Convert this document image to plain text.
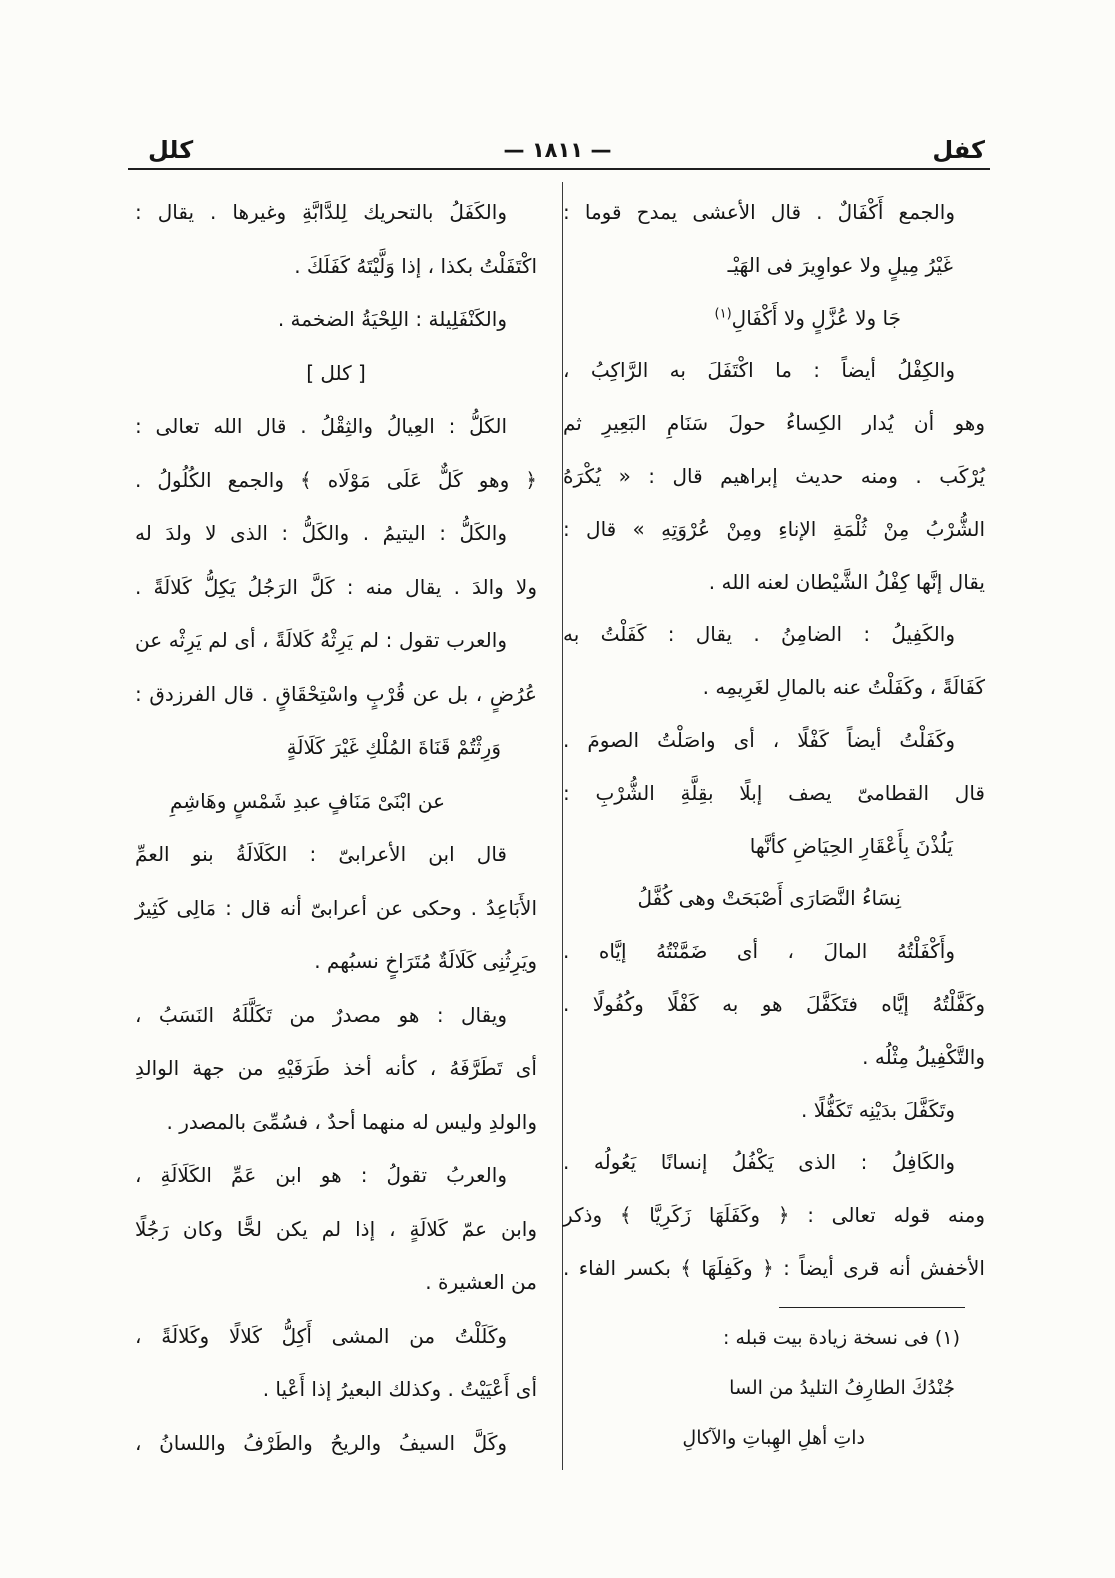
— ١٨١١ —	كفل
كلل
والجمع أَكْفَالٌ . قال الأعشى يمدح قوما :
غَيْرُ مِيلٍ ولا عواوِيرَ فى الهَيْـ
جَا ولا عُزَّلٍ ولا أَكْفَالِ$^{(١)}$
والكِفْلُ أيضاً : ما اكْتَفَلَ به الرَّاكِبُ ،
وهو أن يُدار الكِساءُ حولَ سَنَامِ البَعِيرِ ثم
يُرْكَب . ومنه حديث إبراهيم قال : « يُكْرَهُ
الشُّرْبُ مِنْ ثُلْمَةِ الإناءِ ومِنْ عُرْوَتِهِ » قال :
يقال إنَّها كِفْلُ الشَّيْطان لعنه الله .
والكَفِيلُ : الضامِنُ . يقال : كَفَلْتُ به
كَفَالَةً ، وكَفَلْتُ عنه بالمالِ لغَرِيمِه .
وكَفَلْتُ أيضاً كَفْلًا ، أى واصَلْتُ الصومَ .
قال القطامىّ يصف إبلًا بقِلَّةِ الشُّرْبِ :
يَلُذْنَ بِأَعْقَارِ الحِيَاضِ كأنَّها
نِسَاءُ النَّصَارَى أَصْبَحَتْ وهى كُفَّلُ
وأَكْفَلْتُهُ المالَ ، أى ضَمَّنْتُهُ إيَّاه .
وكَفَّلْتُهُ إيَّاه فتَكَفَّلَ هو به كَفْلًا وكُفُولًا .
والتَّكْفِيلُ مِثْلُه .
وتَكَفَّلَ بدَيْنِه تَكَفُّلًا .
والكَافِلُ : الذى يَكْفُلُ إنسانًا يَعُولُه .
ومنه قوله تعالى : ﴿ وكَفَلَهَا زَكَرِيَّا ﴾ وذكر
الأخفش أنه قرى أيضاً : ﴿ وكَفِلَهَا ﴾ بكسر الفاء .
(١) فى نسخة زيادة بيت قبله :
جُنْدُكَ الطارِفُ التليدُ من السا
داتِ أهلِ الهِباتِ والآكالِ
والكَفَلُ بالتحريك لِلدَّابَّةِ وغيرها . يقال :
اكْتَفَلْتُ بكذا ، إذا وَلَّيْتَهُ كَفَلَكَ .
والكَنْفَلِيلة : اللِحْيَةُ الضخمة .
[ كلل ]
الكَلُّ : العِيالُ والثِقْلُ . قال الله تعالى :
﴿ وهو كَلٌّ عَلَى مَوْلَاه ﴾ والجمع الكُلُولُ .
والكَلُّ : اليتيمُ . والكَلُّ : الذى لا ولدَ له
ولا والدَ . يقال منه : كَلَّ الرَجُلُ يَكِلُّ كَلالَةً .
والعرب تقول : لم يَرِثْهُ كَلالَةً ، أى لم يَرِثْه عن
عُرُضٍ ، بل عن قُرْبٍ واسْتِحْقَاقٍ . قال الفرزدق :
وَرِثْتُمْ قَنَاةَ المُلْكِ غَيْرَ كَلَالَةٍ
عن ابْنَىْ مَنَافٍ عبدِ شَمْسٍ وهَاشِمِ
قال ابن الأعرابىّ : الكَلَالَةُ بنو العمِّ
الأَبَاعِدُ . وحكى عن أعرابىّ أنه قال : مَالِى كَثِيرٌ
ويَرِثُنِى كَلَالَةٌ مُتَرَاخٍ نسبُهم .
ويقال : هو مصدرٌ من تَكَلَّلَهُ النَسَبُ ،
أى تَطَرَّفَهُ ، كأنه أخذ طَرَفَيْهِ من جهة الوالدِ
والولدِ وليس له منهما أحدٌ ، فسُمِّىَ بالمصدر .
والعربُ تقولُ : هو ابن عَمِّ الكَلَالَةِ ،
وابن عمّ كَلالَةٍ ، إذا لم يكن لحًّا وكان رَجُلًا
من العشيرة .
وكَلَلْتُ من المشى أَكِلُّ كَلالًا وكَلالَةً ،
أى أَعْيَيْتُ . وكذلك البعيرُ إذا أَعْيا .
وكَلَّ السيفُ والريحُ والطَرْفُ واللسانُ ،
